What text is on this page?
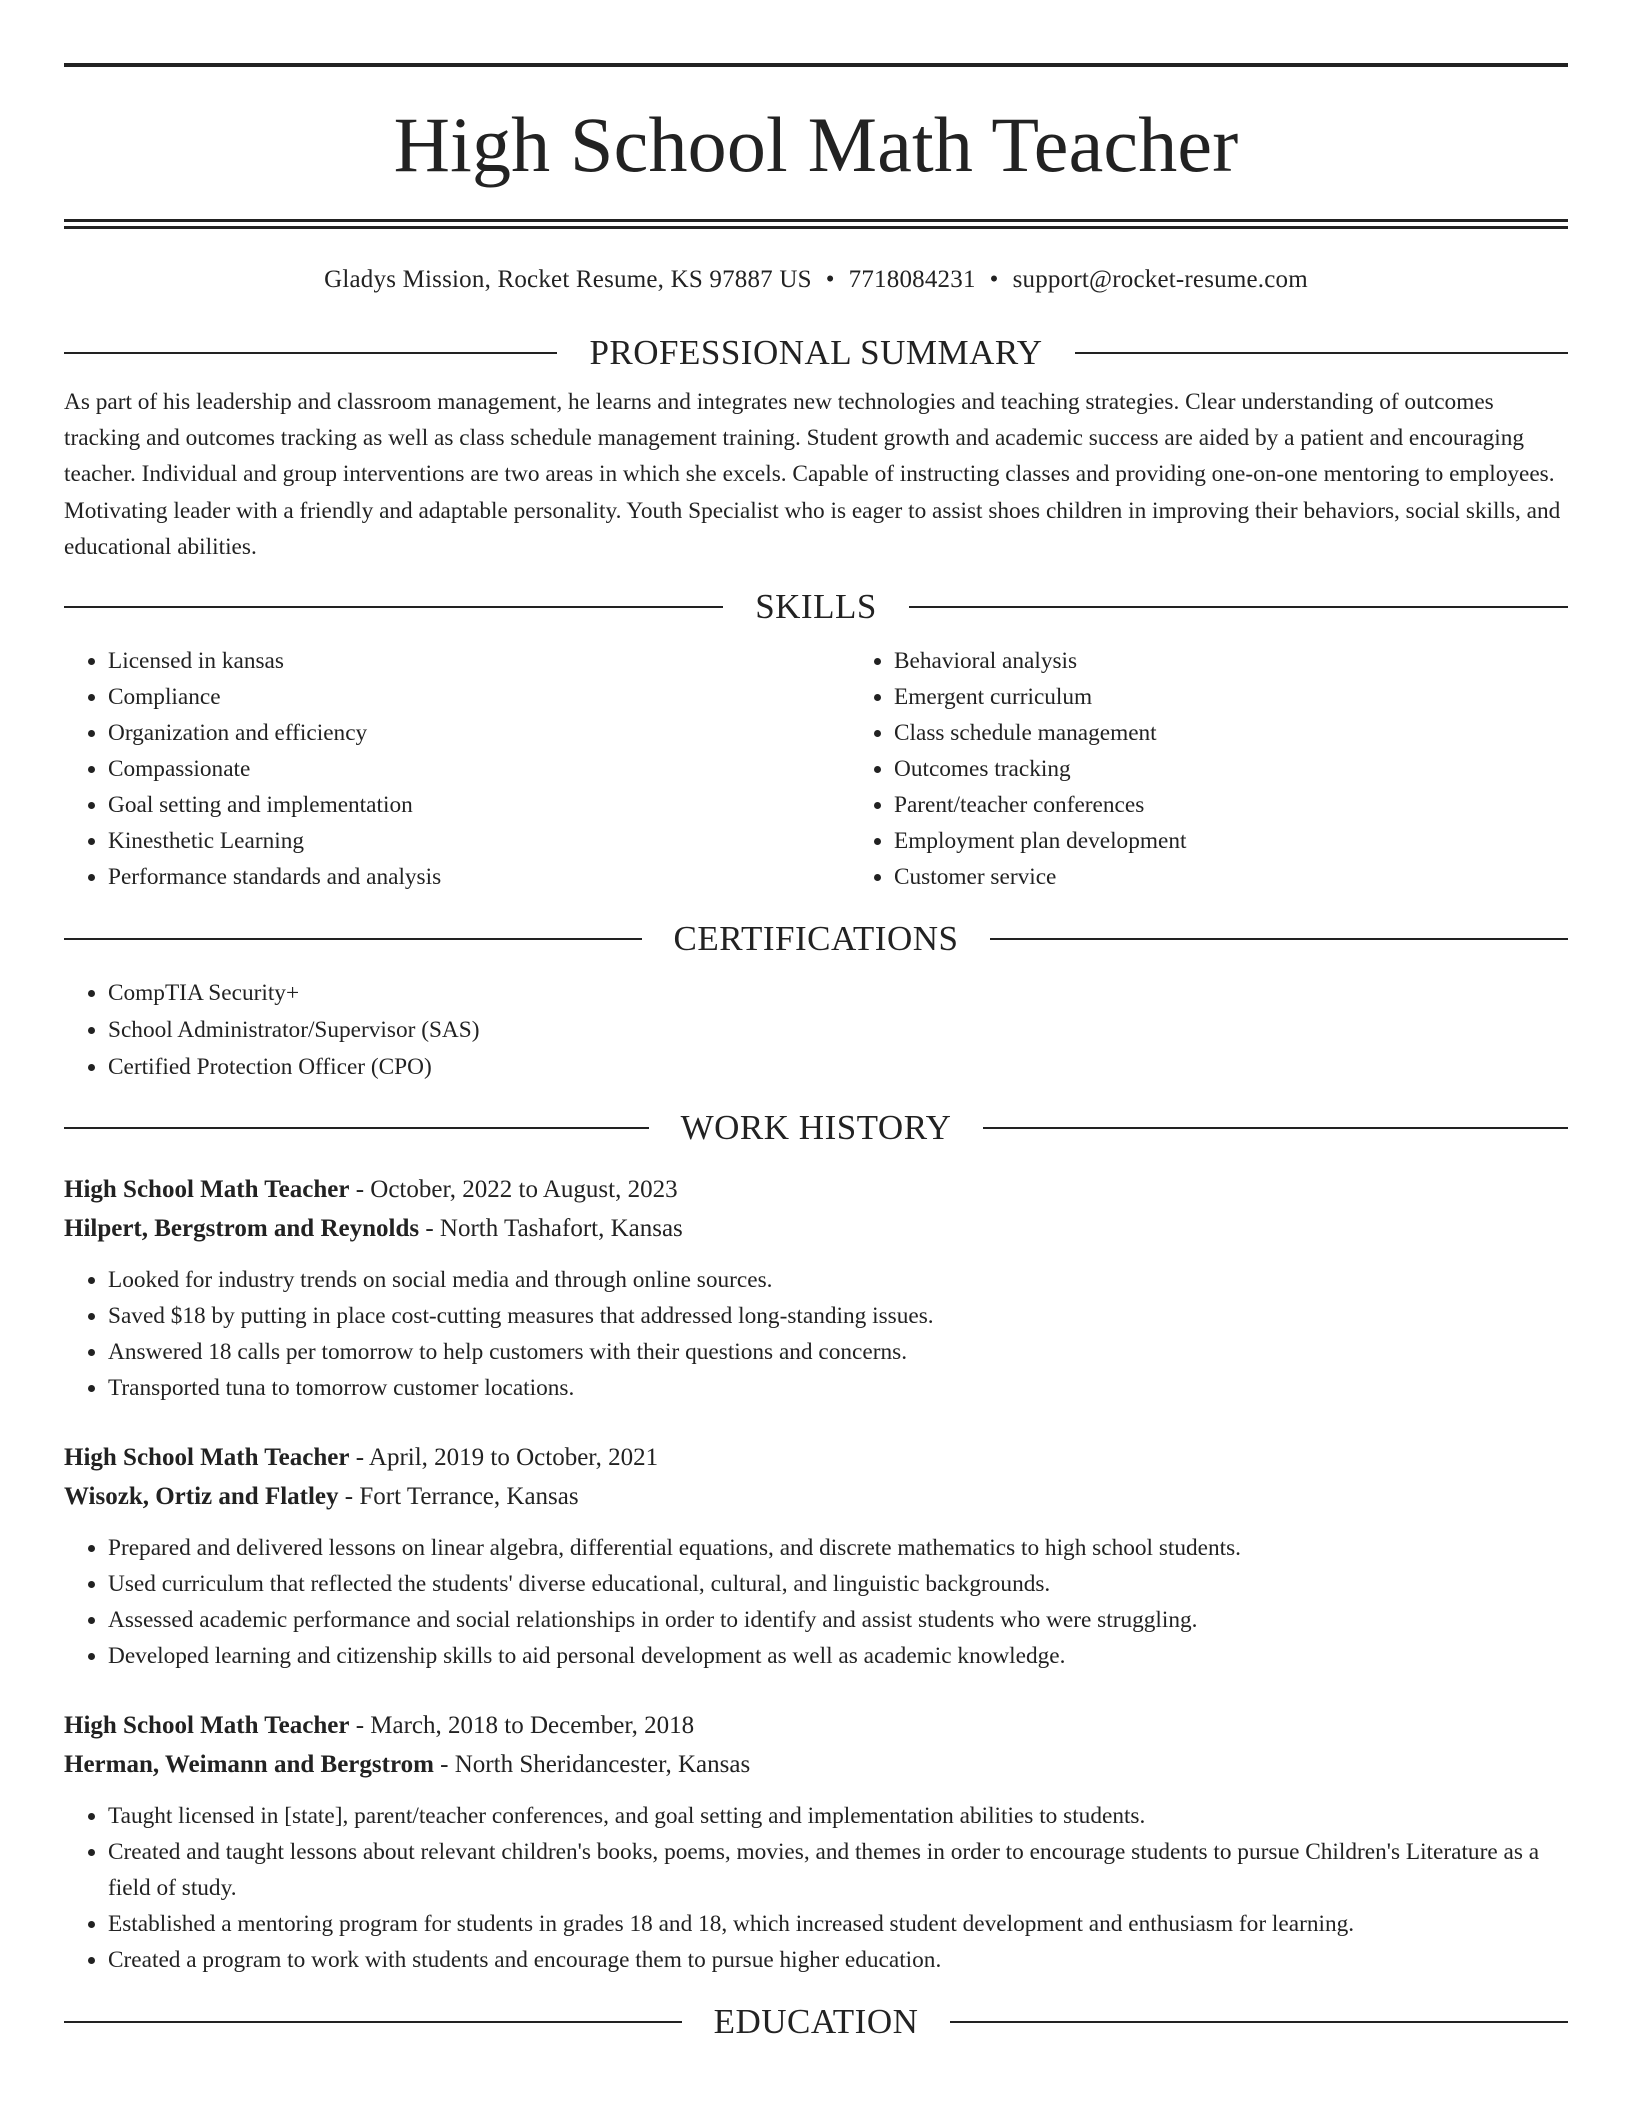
High School Math Teacher
Gladys Mission, Rocket Resume, KS 97887 US • 7718084231 • support@rocket-resume.com
PROFESSIONAL SUMMARY

As part of his leadership and classroom management, he learns and integrates new technologies and teaching strategies. Clear understanding of outcomes tracking and outcomes tracking as well as class schedule management training. Student growth and academic success are aided by a patient and encouraging teacher. Individual and group interventions are two areas in which she excels. Capable of instructing classes and providing one-on-one mentoring to employees. Motivating leader with a friendly and adaptable personality. Youth Specialist who is eager to assist shoes children in improving their behaviors, social skills, and educational abilities.

SKILLS
• Licensed in kansas
• Compliance
• Organization and efficiency
• Compassionate
• Goal setting and implementation
• Kinesthetic Learning
• Performance standards and analysis
• Behavioral analysis
• Emergent curriculum
• Class schedule management
• Outcomes tracking
• Parent/teacher conferences
• Employment plan development
• Customer service
CERTIFICATIONS
• CompTIA Security+
• School Administrator/Supervisor (SAS)
• Certified Protection Officer (CPO)
WORK HISTORY
High School Math Teacher - October, 2022 to August, 2023
Hilpert, Bergstrom and Reynolds - North Tashafort, Kansas
• Looked for industry trends on social media and through online sources.
• Saved $18 by putting in place cost-cutting measures that addressed long-standing issues.
• Answered 18 calls per tomorrow to help customers with their questions and concerns.
• Transported tuna to tomorrow customer locations.
High School Math Teacher - April, 2019 to October, 2021
Wisozk, Ortiz and Flatley - Fort Terrance, Kansas
• Prepared and delivered lessons on linear algebra, differential equations, and discrete mathematics to high school students.
• Used curriculum that reflected the students' diverse educational, cultural, and linguistic backgrounds.
• Assessed academic performance and social relationships in order to identify and assist students who were struggling.
• Developed learning and citizenship skills to aid personal development as well as academic knowledge.
High School Math Teacher - March, 2018 to December, 2018
Herman, Weimann and Bergstrom - North Sheridancester, Kansas
• Taught licensed in [state], parent/teacher conferences, and goal setting and implementation abilities to students.
• Created and taught lessons about relevant children's books, poems, movies, and themes in order to encourage students to pursue Children's Literature as a field of study.
• Established a mentoring program for students in grades 18 and 18, which increased student development and enthusiasm for learning.
• Created a program to work with students and encourage them to pursue higher education.
EDUCATION
